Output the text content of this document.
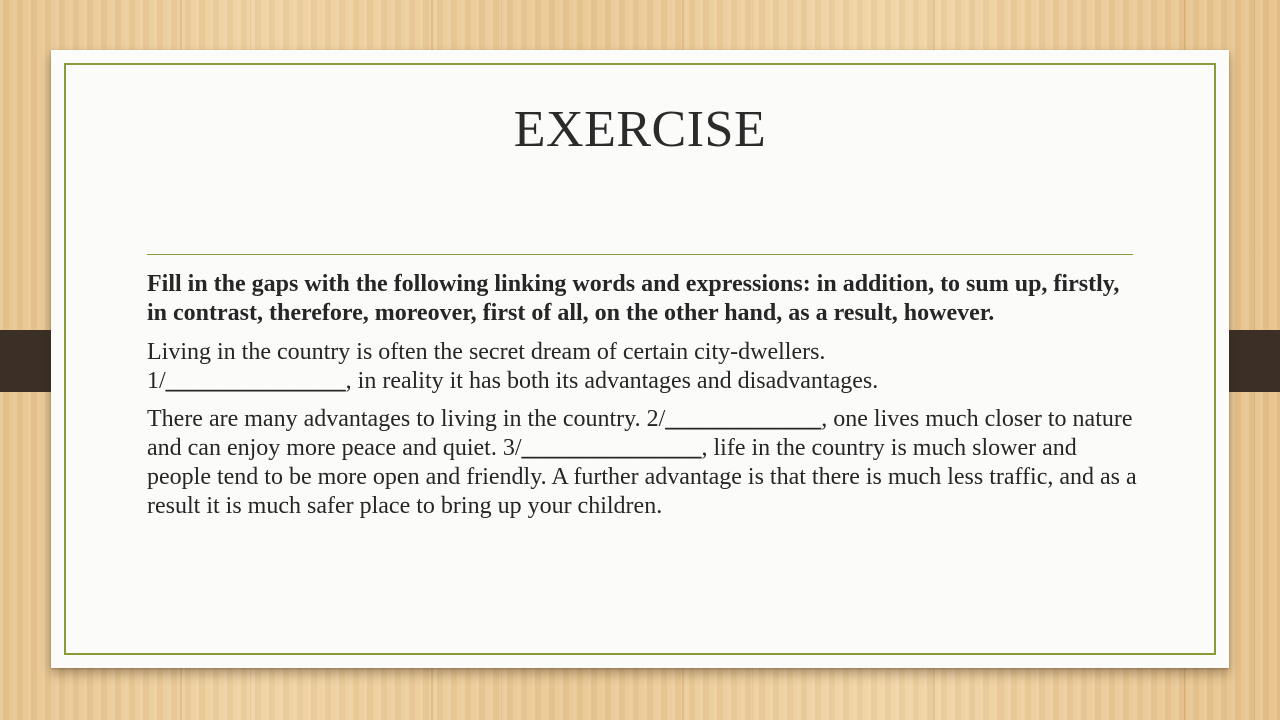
EXERCISE

Fill in the gaps with the following linking words and expressions: in addition, to sum up, firstly, in contrast, therefore, moreover, first of all, on the other hand, as a result, however.

Living in the country is often the secret dream of certain city-dwellers.
1/_______________, in reality it has both its advantages and disadvantages.

There are many advantages to living in the country. 2/_____________, one lives much closer to nature and can enjoy more peace and quiet. 3/_______________, life in the country is much slower and people tend to be more open and friendly. A further advantage is that there is much less traffic, and as a result it is much safer place to bring up your children.
